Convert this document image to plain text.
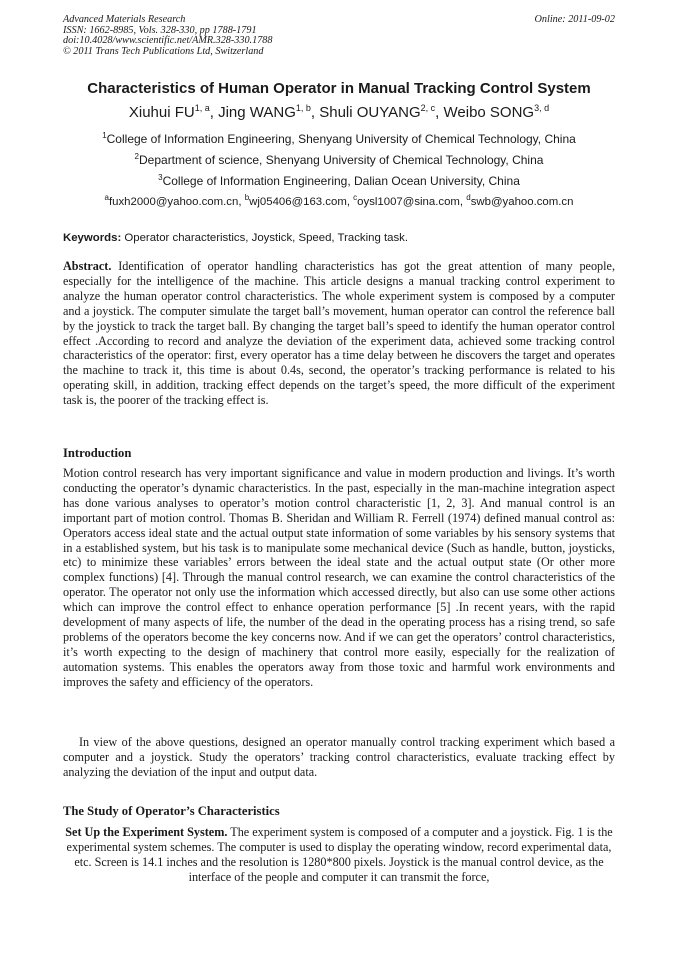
Advanced Materials Research
ISSN: 1662-8985, Vols. 328-330, pp 1788-1791
doi:10.4028/www.scientific.net/AMR.328-330.1788
© 2011 Trans Tech Publications Ltd, Switzerland
Online: 2011-09-02
Characteristics of Human Operator in Manual Tracking Control System
Xiuhui FU$^{1, a}$, Jing WANG$^{1, b}$, Shuli OUYANG$^{2, c}$, Weibo SONG$^{3, d}$
$^1$College of Information Engineering, Shenyang University of Chemical Technology, China
$^2$Department of science, Shenyang University of Chemical Technology, China
$^3$College of Information Engineering, Dalian Ocean University, China
$^a$fuxh2000@yahoo.com.cn, $^b$wj05406@163.com, $^c$oysl1007@sina.com, $^d$swb@yahoo.com.cn
Keywords: Operator characteristics, Joystick, Speed, Tracking task.
Abstract. Identification of operator handling characteristics has got the great attention of many people, especially for the intelligence of the machine. This article designs a manual tracking control experiment to analyze the human operator control characteristics. The whole experiment system is composed by a computer and a joystick. The computer simulate the target ball’s movement, human operator can control the reference ball by the joystick to track the target ball. By changing the target ball’s speed to identify the human operator control effect .According to record and analyze the deviation of the experiment data, achieved some tracking control characteristics of the operator: first, every operator has a time delay between he discovers the target and operates the machine to track it, this time is about 0.4s, second, the operator’s tracking performance is related to his operating skill, in addition, tracking effect depends on the target’s speed, the more difficult of the experiment task is, the poorer of the tracking effect is.
Introduction
Motion control research has very important significance and value in modern production and livings. It’s worth conducting the operator’s dynamic characteristics. In the past, especially in the man-machine integration aspect has done various analyses to operator’s motion control characteristic [1, 2, 3]. And manual control is an important part of motion control. Thomas B. Sheridan and William R. Ferrell (1974) defined manual control as: Operators access ideal state and the actual output state information of some variables by his sensory systems that in a established system, but his task is to manipulate some mechanical device (Such as handle, button, joysticks, etc) to minimize these variables’ errors between the ideal state and the actual output state (Or other more complex functions) [4]. Through the manual control research, we can examine the control characteristics of the operator. The operator not only use the information which accessed directly, but also can use some other actions which can improve the control effect to enhance operation performance [5] .In recent years, with the rapid development of many aspects of life, the number of the dead in the operating process has a rising trend, so safe problems of the operators become the key concerns now. And if we can get the operators’ control characteristics, it’s worth expecting to the design of machinery that control more easily, especially for the realization of automation systems. This enables the operators away from those toxic and harmful work environments and improves the safety and efficiency of the operators.
In view of the above questions, designed an operator manually control tracking experiment which based a computer and a joystick. Study the operators’ tracking control characteristics, evaluate tracking effect by analyzing the deviation of the input and output data.
The Study of Operator’s Characteristics
Set Up the Experiment System. The experiment system is composed of a computer and a joystick. Fig. 1 is the experimental system schemes. The computer is used to display the operating window, record experimental data, etc. Screen is 14.1 inches and the resolution is 1280*800 pixels. Joystick is the manual control device, as the interface of the people and computer it can transmit the force,
